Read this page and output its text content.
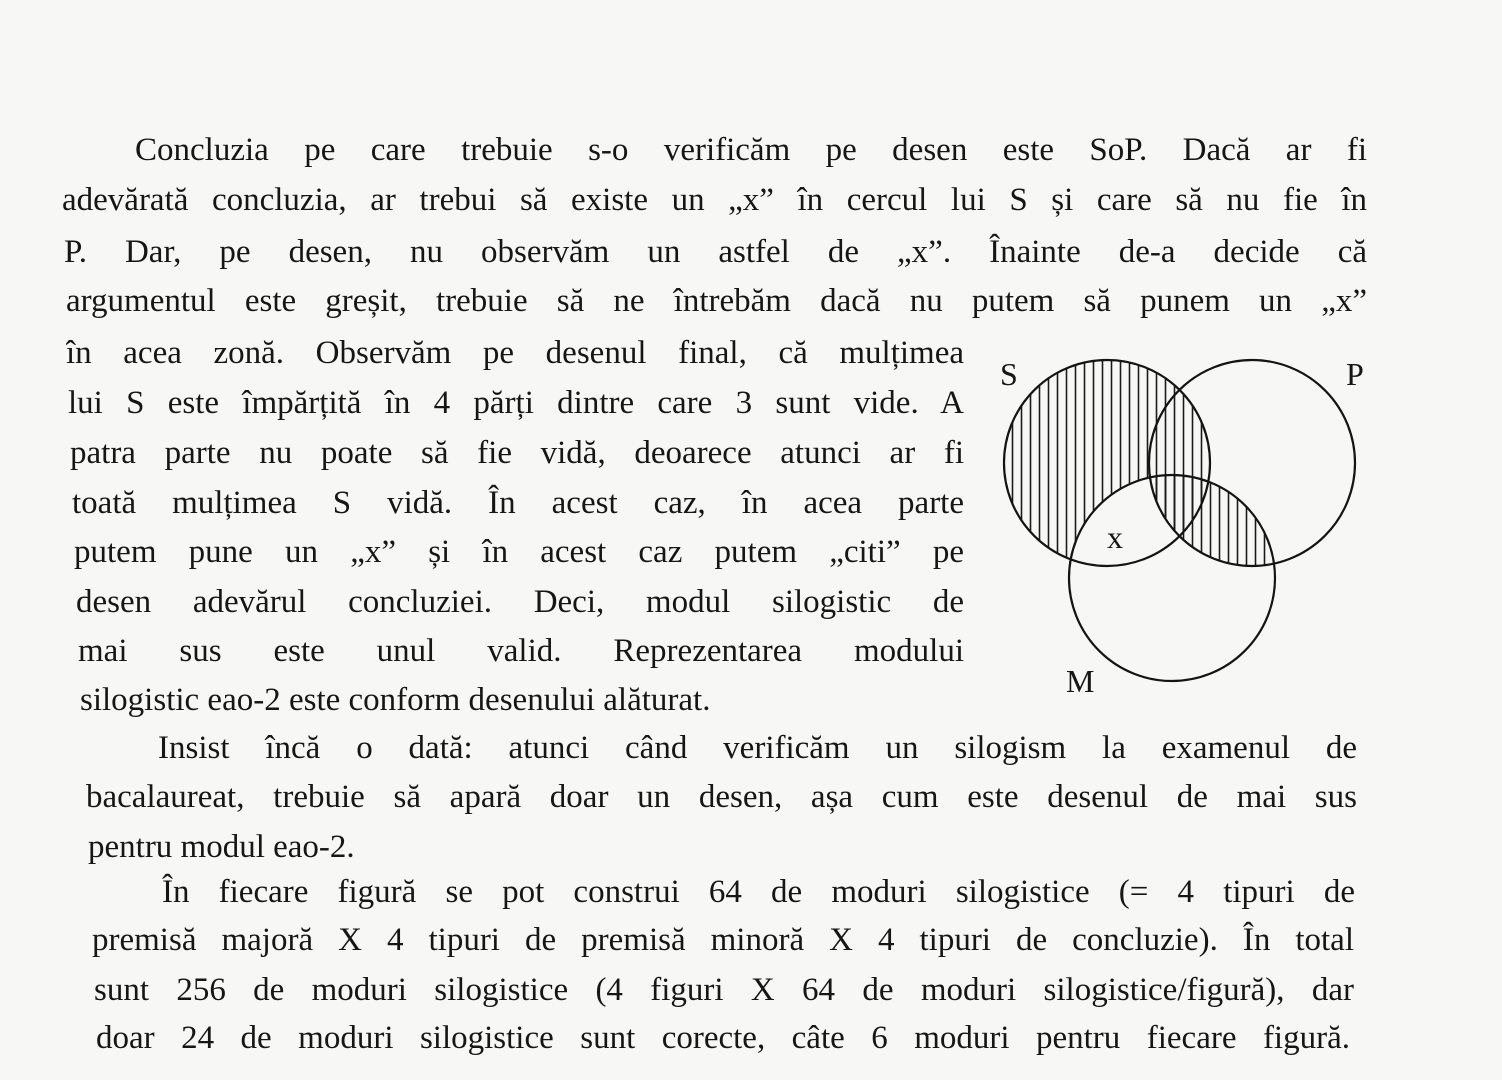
Concluzia pe care trebuie s-o verificăm pe desen este SoP. Dacă ar fi
adevărată concluzia, ar trebui să existe un „x” în cercul lui S și care să nu fie în
P. Dar, pe desen, nu observăm un astfel de „x”. Înainte de-a decide că
argumentul este greșit, trebuie să ne întrebăm dacă nu putem să punem un „x”
în acea zonă. Observăm pe desenul final, că mulțimea
lui S este împărțită în 4 părți dintre care 3 sunt vide. A
patra parte nu poate să fie vidă, deoarece atunci ar fi
toată mulțimea S vidă. În acest caz, în acea parte
putem pune un „x” și în acest caz putem „citi” pe
desen adevărul concluziei. Deci, modul silogistic de
mai sus este unul valid. Reprezentarea modului
silogistic eao-2 este conform desenului alăturat.
Insist încă o dată: atunci când verificăm un silogism la examenul de
bacalaureat, trebuie să apară doar un desen, așa cum este desenul de mai sus
pentru modul eao-2.
În fiecare figură se pot construi 64 de moduri silogistice (= 4 tipuri de
premisă majoră X 4 tipuri de premisă minoră X 4 tipuri de concluzie). În total
sunt 256 de moduri silogistice (4 figuri X 64 de moduri silogistice/figură), dar
doar 24 de moduri silogistice sunt corecte, câte 6 moduri pentru fiecare figură.
S	P
M
x
